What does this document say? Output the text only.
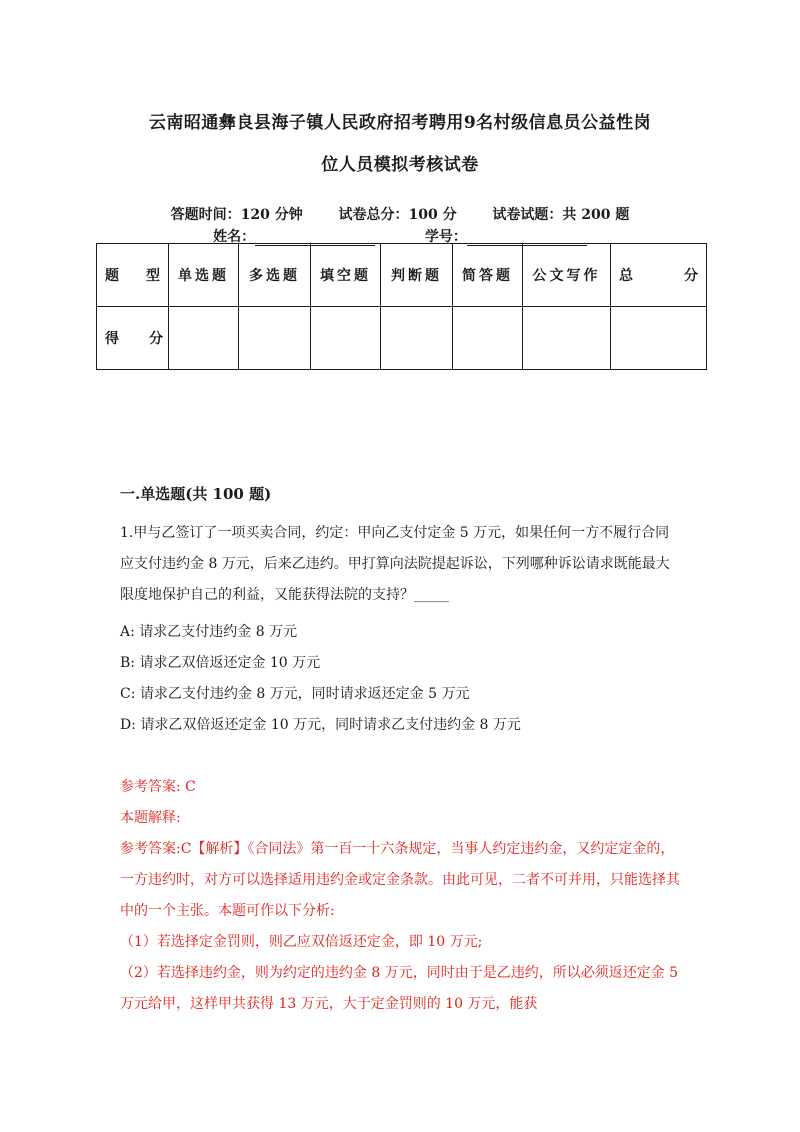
云南昭通彝良县海子镇人民政府招考聘用9名村级信息员公益性岗
位人员模拟考核试卷
答题时间：120 分钟	试卷总分：100 分	试卷试题：共 200 题
姓名：	学号：
题 型	单选题	多选题	填空题	判断题	简答题	公文写作	总 分

得 分							

一.单选题(共 100 题)

1.甲与乙签订了一项买卖合同，约定：甲向乙支付定金 5 万元，如果任何一方不履行合同应支付违约金 8 万元，后来乙违约。甲打算向法院提起诉讼，下列哪种诉讼请求既能最大限度地保护自己的利益，又能获得法院的支持？_____

A: 请求乙支付违约金 8 万元

B: 请求乙双倍返还定金 10 万元

C: 请求乙支付违约金 8 万元，同时请求返还定金 5 万元

D: 请求乙双倍返还定金 10 万元，同时请求乙支付违约金 8 万元

参考答案: C

本题解释:

参考答案:C【解析】《合同法》第一百一十六条规定，当事人约定违约金，又约定定金的，一方违约时，对方可以选择适用违约金或定金条款。由此可见，二者不可并用，只能选择其中的一个主张。本题可作以下分析:

（1）若选择定金罚则，则乙应双倍返还定金，即 10 万元;

（2）若选择违约金，则为约定的违约金 8 万元，同时由于是乙违约，所以必须返还定金 5 万元给甲，这样甲共获得 13 万元，大于定金罚则的 10 万元，能获
